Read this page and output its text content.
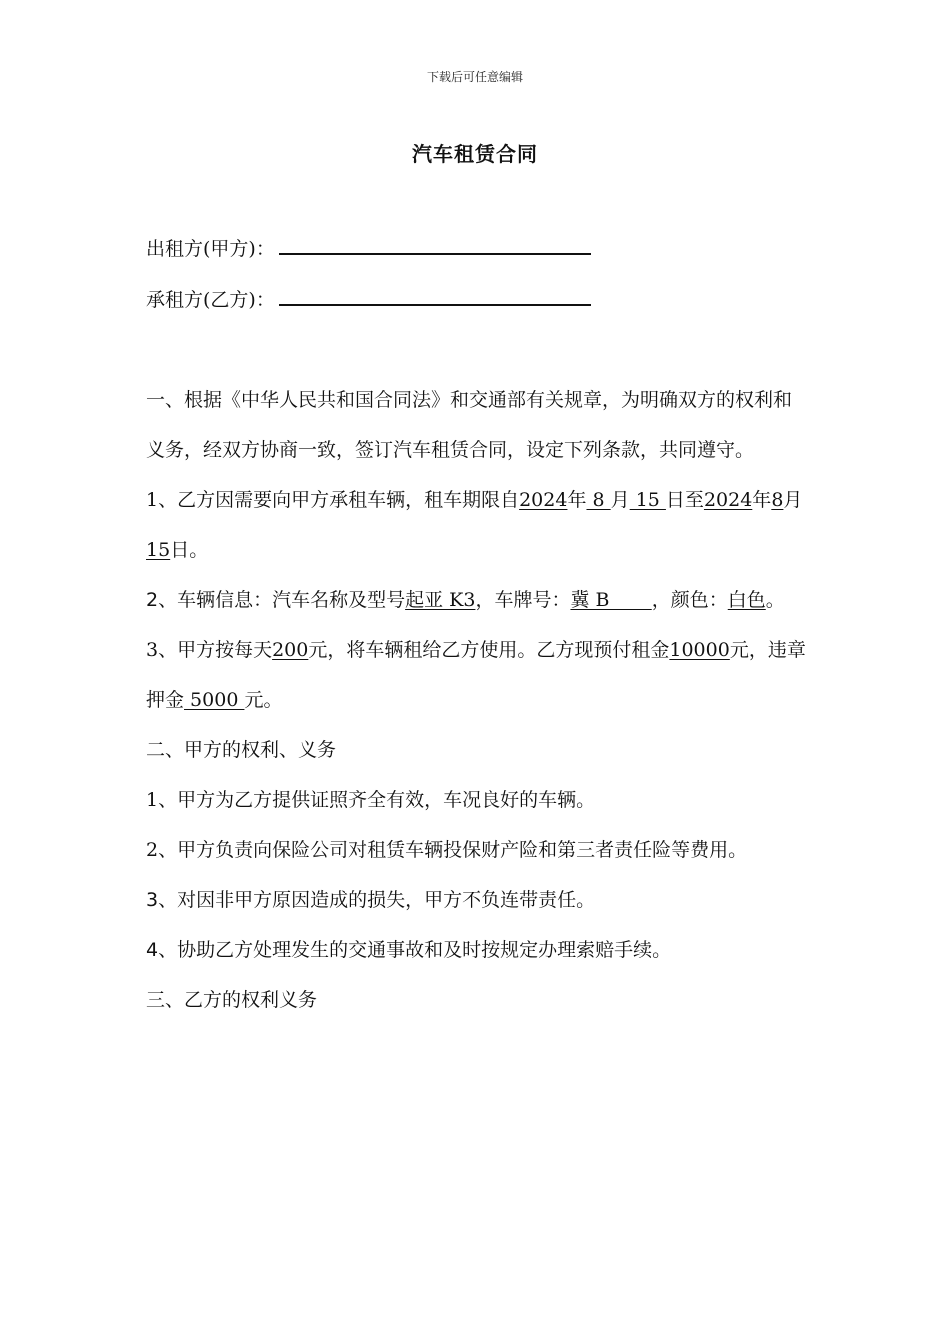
下载后可任意编辑
汽车租赁合同
出租方(甲方)：
承租方(乙方)：

一、根据《中华人民共和国合同法》和交通部有关规章，为明确双方的权利和义务，经双方协商一致，签订汽车租赁合同，设定下列条款，共同遵守。

1、乙方因需要向甲方承租车辆，租车期限自2024年 8 月 15 日至2024年8月15日。

2、车辆信息：汽车名称及型号起亚 K3，车牌号：冀 B       ，颜色：白色。

3、甲方按每天200元，将车辆租给乙方使用。乙方现预付租金10000元，违章押金 5000 元。

二、甲方的权利、义务

1、甲方为乙方提供证照齐全有效，车况良好的车辆。

2、甲方负责向保险公司对租赁车辆投保财产险和第三者责任险等费用。

3、对因非甲方原因造成的损失，甲方不负连带责任。

4、协助乙方处理发生的交通事故和及时按规定办理索赔手续。

三、乙方的权利义务
